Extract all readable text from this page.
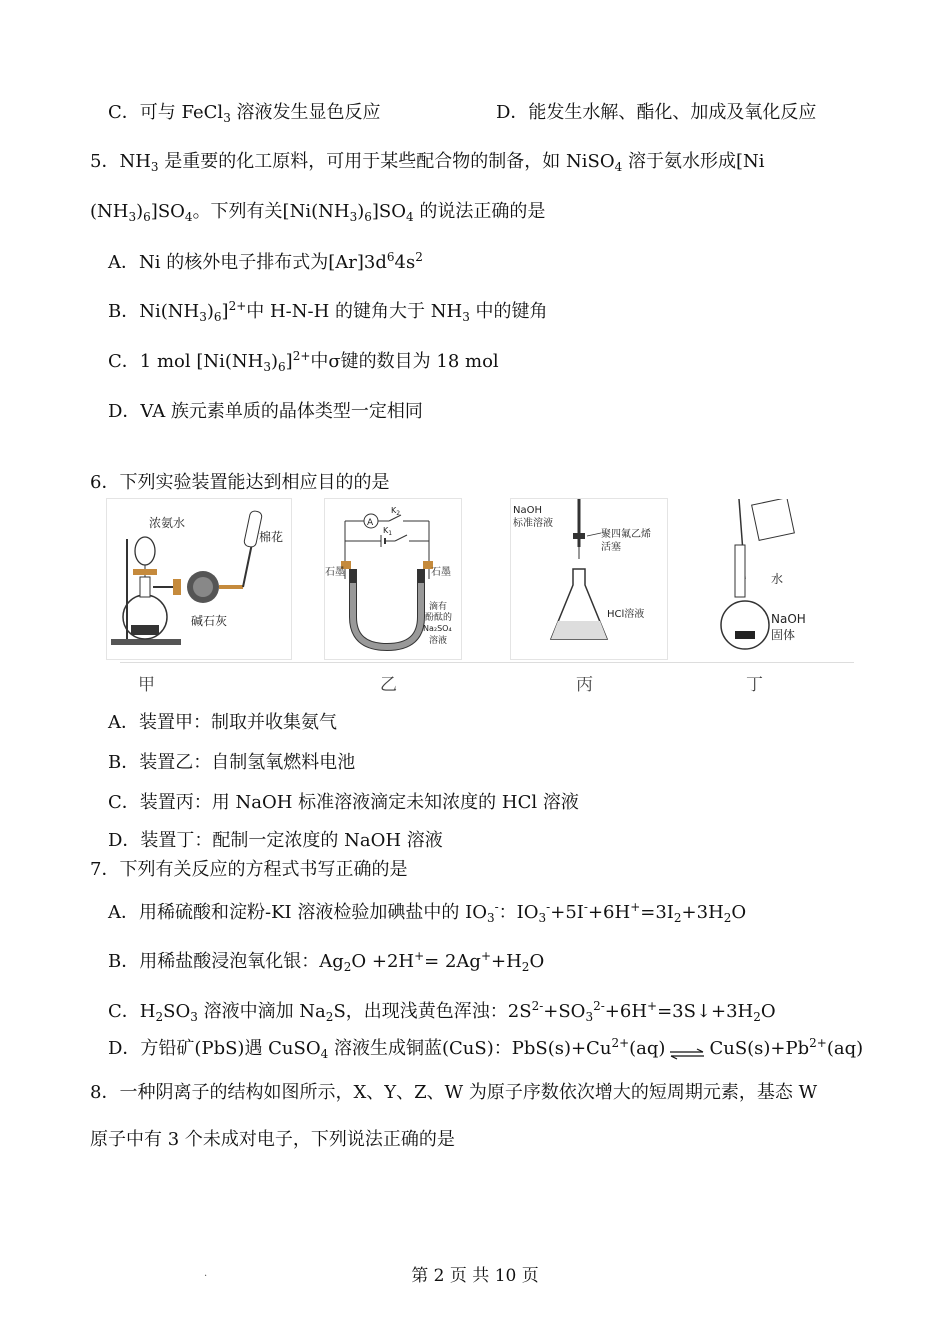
C．可与 FeCl$_3$ 溶液发生显色反应	D．能发生水解、酯化、加成及氧化反应
5．$NH_3$ 是重要的化工原料，可用于某些配合物的制备，如 NiSO$_4$ 溶于氨水形成[Ni
$(NH_3)_6]SO_4$。下列有关$[Ni(NH_3)_6]SO_4$ 的说法正确的是
A．Ni 的核外电子排布式为$[Ar]3d^64s^2$
B．$Ni(NH_3)_6]^{2+}$中 H-N-H 的键角大于 $NH_3$ 中的键角
C．1 mol $[Ni(NH_3)_6]^{2+}$中σ键的数目为 18 mol
D．VA 族元素单质的晶体类型一定相同
6．下列实验装置能达到相应目的的是
浓氨水
棉花
碱石灰
A
$K_2$
$K_1$
石墨	石墨
滴有
酚酞的
Na₂SO₄
溶液
NaOH
标准溶液
聚四氟乙烯
活塞
HCl溶液
水
NaOH
固体
甲	乙	丙	丁
A．装置甲：制取并收集氨气
B．装置乙：自制氢氧燃料电池
C．装置丙：用 NaOH 标准溶液滴定未知浓度的 HCl 溶液
D．装置丁：配制一定浓度的 NaOH 溶液
7．下列有关反应的方程式书写正确的是
A．用稀硫酸和淀粉-KI 溶液检验加碘盐中的 $IO_3^-$：$IO_3^-+5I^-+6H^+=3I_2+3H_2O$
B．用稀盐酸浸泡氧化银：$Ag_2O +2H^+= 2Ag^++H_2O$
C．$H_2SO_3$ 溶液中滴加 $Na_2S$，出现浅黄色浑浊：$2S^{2-}+SO_3^{2-}+6H^+=3S↓+3H_2O$
D．方铅矿(PbS)遇 CuSO$_4$ 溶液生成铜蓝(CuS)：$PbS(s)+Cu^{2+}(aq)$ ⇌ $CuS(s)+Pb^{2+}(aq)$
8．一种阴离子的结构如图所示，X、Y、Z、W 为原子序数依次增大的短周期元素，基态 W
原子中有 3 个未成对电子，下列说法正确的是
.	第 2 页 共 10 页
